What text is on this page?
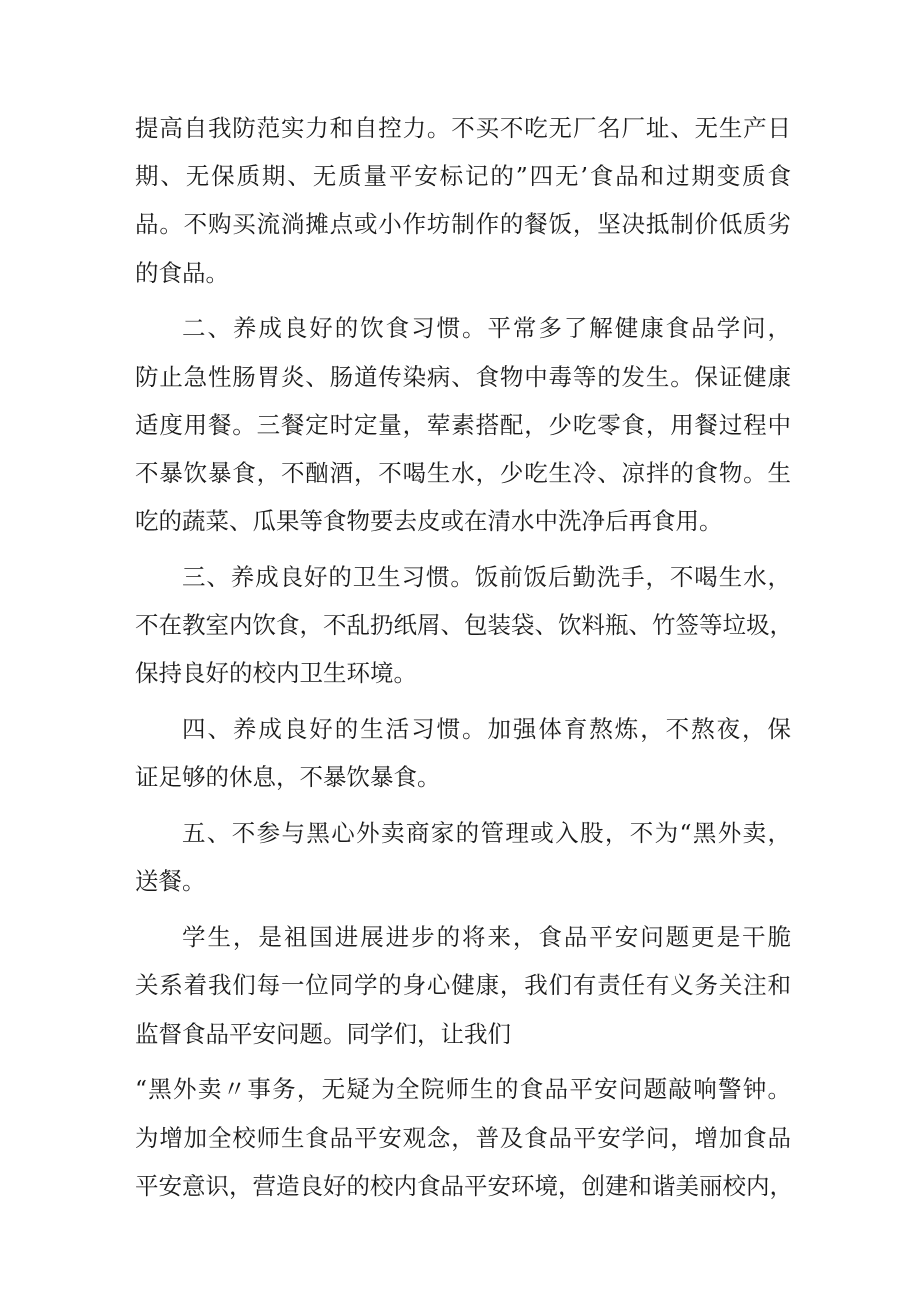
提高自我防范实力和自控力。不买不吃无厂名厂址、无生产日
期、无保质期、无质量平安标记的”四无’食品和过期变质食
品。不购买流淌摊点或小作坊制作的餐饭，坚决抵制价低质劣
的食品。

二、养成良好的饮食习惯。平常多了解健康食品学问，
防止急性肠胃炎、肠道传染病、食物中毒等的发生。保证健康
适度用餐。三餐定时定量，荤素搭配，少吃零食，用餐过程中
不暴饮暴食，不酗酒，不喝生水，少吃生冷、凉拌的食物。生
吃的蔬菜、瓜果等食物要去皮或在清水中洗净后再食用。

三、养成良好的卫生习惯。饭前饭后勤洗手，不喝生水，
不在教室内饮食，不乱扔纸屑、包装袋、饮料瓶、竹签等垃圾，
保持良好的校内卫生环境。

四、养成良好的生活习惯。加强体育熬炼，不熬夜，保
证足够的休息，不暴饮暴食。

五、不参与黑心外卖商家的管理或入股，不为“黑外卖，
送餐。

学生，是祖国进展进步的将来，食品平安问题更是干脆
关系着我们每一位同学的身心健康，我们有责任有义务关注和
监督食品平安问题。同学们，让我们

“黑外卖〃事务，无疑为全院师生的食品平安问题敲响警钟。
为增加全校师生食品平安观念，普及食品平安学问，增加食品
平安意识，营造良好的校内食品平安环境，创建和谐美丽校内，
